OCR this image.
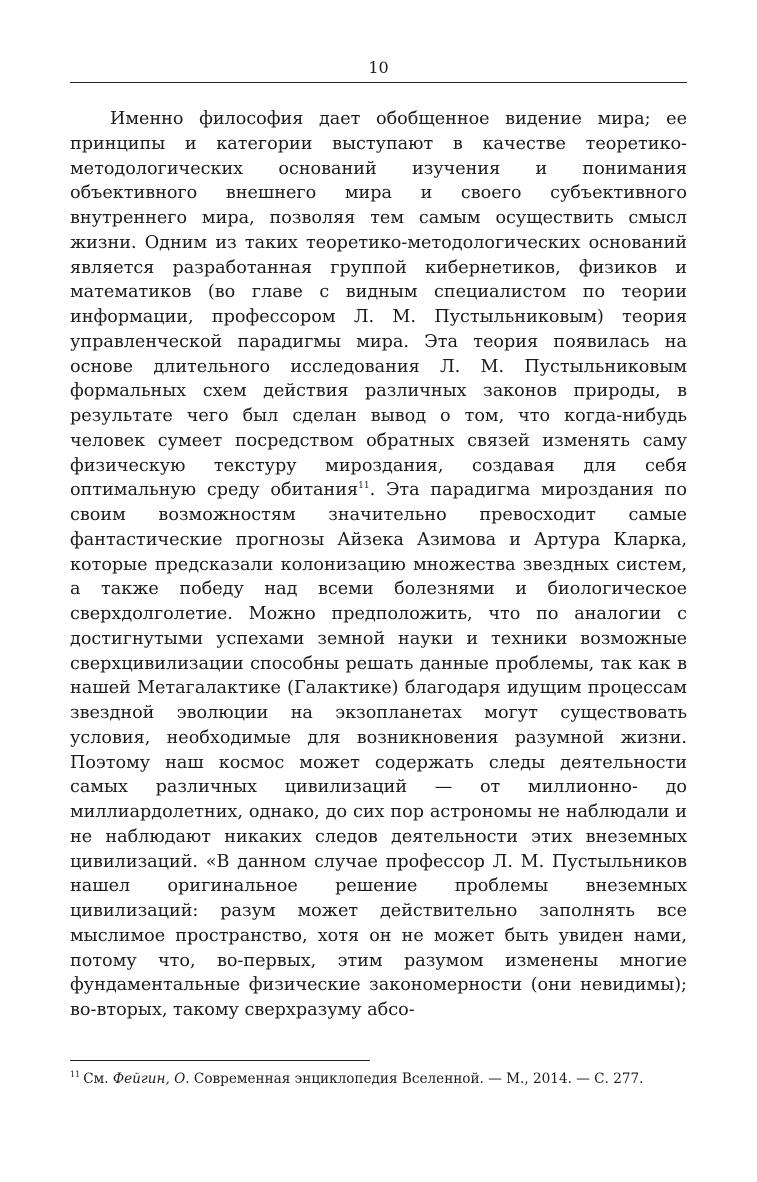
10

Именно философия дает обобщенное видение мира; ее принципы и категории выступают в качестве теоретико-методологических оснований изучения и понимания объективного внешнего мира и своего субъективного внутреннего мира, позволяя тем самым осуществить смысл жизни. Одним из таких теоретико-методологических оснований является разработанная группой кибернетиков, физиков и математиков (во главе с видным специалистом по теории информации, профессором Л. М. Пустыльниковым) теория управленческой парадигмы мира. Эта теория появилась на основе длительного исследования Л. М. Пустыльниковым формальных схем действия различных законов природы, в результате чего был сделан вывод о том, что когда-нибудь человек сумеет посредством обратных связей изменять саму физическую текстуру мироздания, создавая для себя оптимальную среду обитания$^{11}$. Эта парадигма мироздания по своим возможностям значительно превосходит самые фантастические прогнозы Айзека Азимова и Артура Кларка, которые предсказали колонизацию множества звездных систем, а также победу над всеми болезнями и биологическое сверхдолголетие. Можно предположить, что по аналогии с достигнутыми успехами земной науки и техники возможные сверхцивилизации способны решать данные проблемы, так как в нашей Метагалактике (Галактике) благодаря идущим процессам звездной эволюции на экзопланетах могут существовать условия, необходимые для возникновения разумной жизни. Поэтому наш космос может содержать следы деятельности самых различных цивилизаций — от миллионно- до миллиардолетних, однако, до сих пор астрономы не наблюдали и не наблюдают никаких следов деятельности этих внеземных цивилизаций. «В данном случае профессор Л. М. Пустыльников нашел оригинальное решение проблемы внеземных цивилизаций: разум может действительно заполнять все мыслимое пространство, хотя он не может быть увиден нами, потому что, во-первых, этим разумом изменены многие фундаментальные физические закономерности (они невидимы); во-вторых, такому сверхразуму абсо-

$^{11}$ См. Фейгин, О. Современная энциклопедия Вселенной. — М., 2014. — С. 277.
